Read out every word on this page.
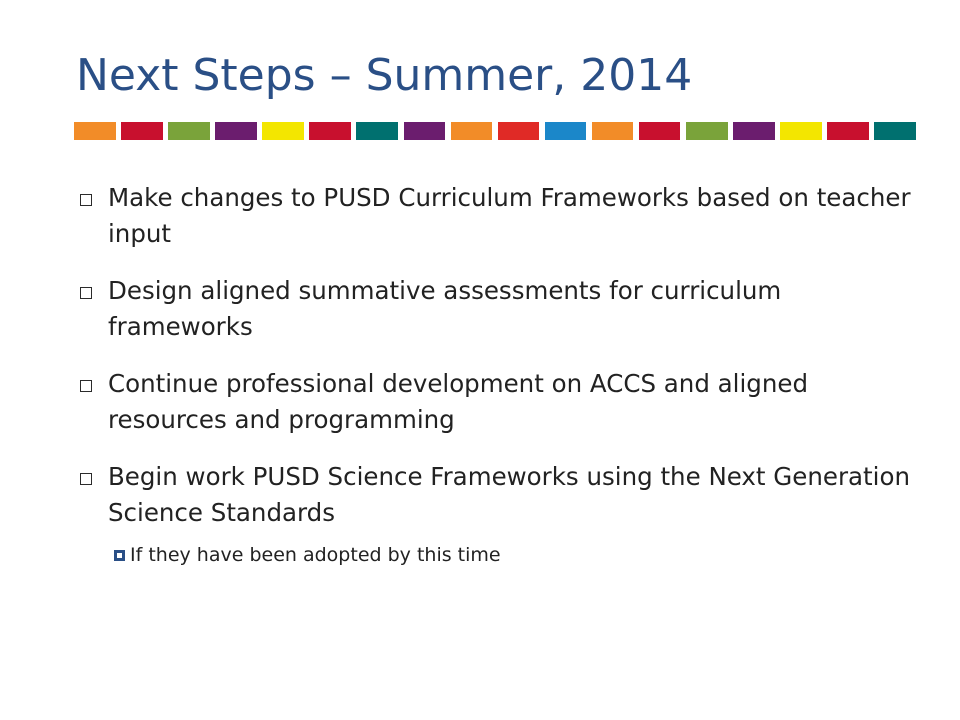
Next Steps – Summer, 2014
Make changes to PUSD Curriculum Frameworks based on teacher input
Design aligned summative assessments for curriculum frameworks
Continue professional development on ACCS and aligned resources and programming
Begin work PUSD Science Frameworks using the Next Generation Science Standards
If they have been adopted by this time
